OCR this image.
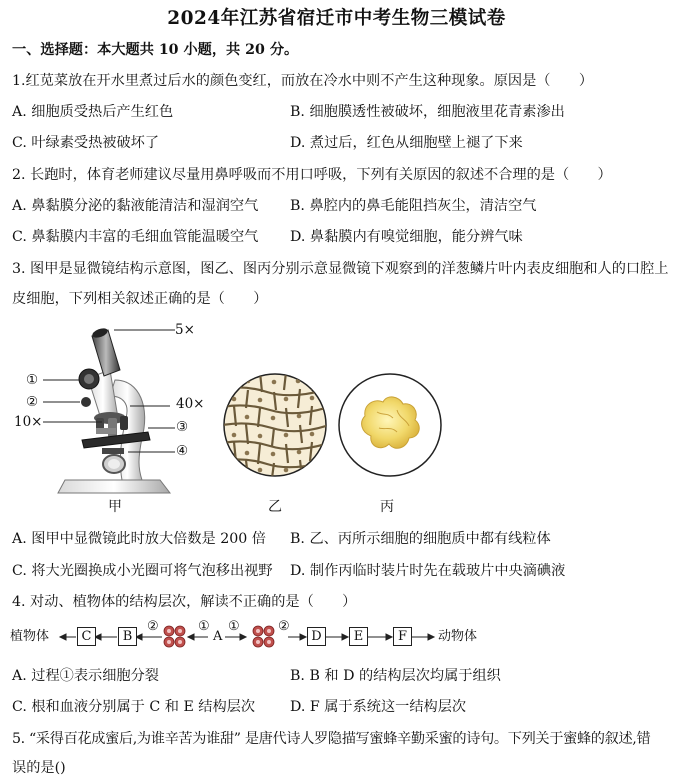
2024年江苏省宿迁市中考生物三模试卷
一、选择题：本大题共 10 小题，共 20 分。
1.红苋菜放在开水里煮过后水的颜色变红，而放在冷水中则不产生这种现象。原因是（　　）
A. 细胞质受热后产生红色	B. 细胞膜透性被破坏，细胞液里花青素渗出
C. 叶绿素受热被破坏了	D. 煮过后，红色从细胞壁上褪了下来
2. 长跑时，体育老师建议尽量用鼻呼吸而不用口呼吸，下列有关原因的叙述不合理的是（　　）
A. 鼻黏膜分泌的黏液能清洁和湿润空气 B. 鼻腔内的鼻毛能阻挡灰尘，清洁空气
C. 鼻黏膜内丰富的毛细血管能温暖空气 D. 鼻黏膜内有嗅觉细胞，能分辨气味
3. 图甲是显微镜结构示意图，图乙、图丙分别示意显微镜下观察到的洋葱鳞片叶内表皮细胞和人的口腔上
皮细胞，下列相关叙述正确的是（　　）
5×
①
②	40×
10×	③
④
甲	乙	丙
A. 图甲中显微镜此时放大倍数是 200 倍 B. 乙、丙所示细胞的细胞质中都有线粒体
C. 将大光圈换成小光圈可将气泡移出视野 D. 制作丙临时装片时先在载玻片中央滴碘液
4. 对动、植物体的结构层次，解读不正确的是（　　）
植物体	C	B
②	①
A
①	②
D	E	F	动物体
A. 过程①表示细胞分裂	B. B 和 D 的结构层次均属于组织
C. 根和血液分别属于 C 和 E 结构层次 D. F 属于系统这一结构层次
5. “采得百花成蜜后,为谁辛苦为谁甜” 是唐代诗人罗隐描写蜜蜂辛勤采蜜的诗句。下列关于蜜蜂的叙述,错
误的是()
